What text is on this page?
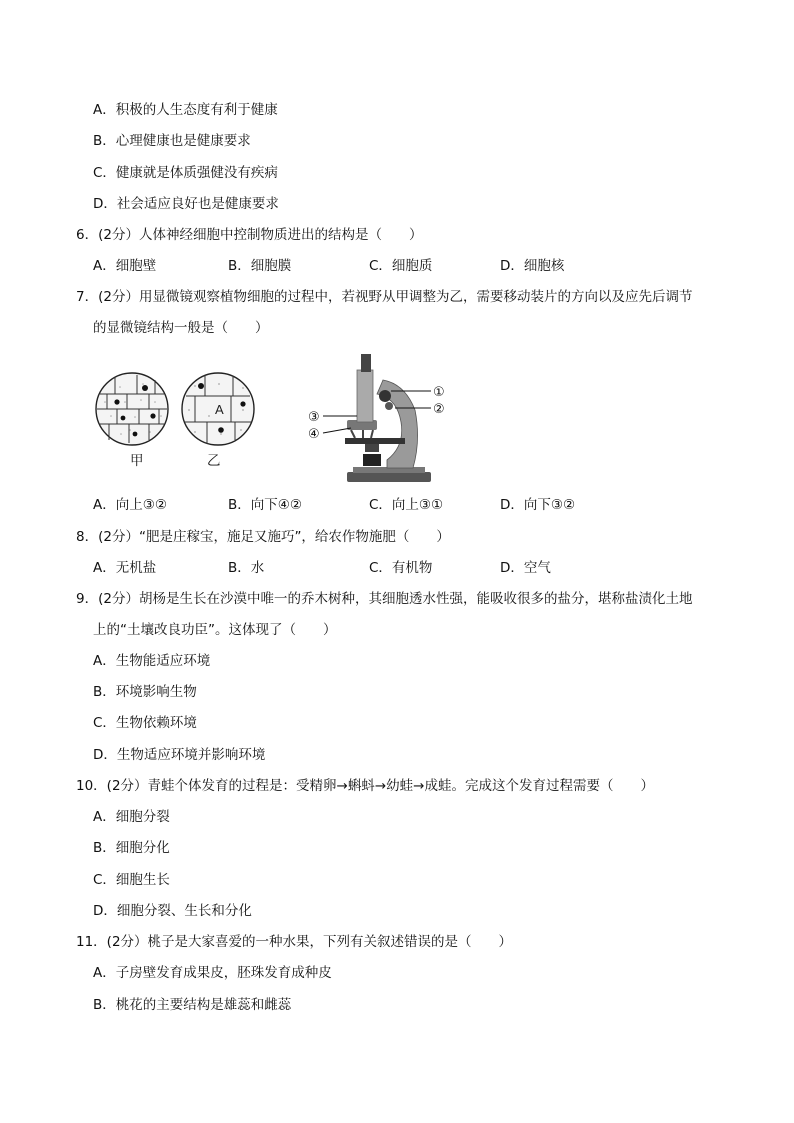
A．积极的人生态度有利于健康
B．心理健康也是健康要求
C．健康就是体质强健没有疾病
D．社会适应良好也是健康要求
6．(2分）人体神经细胞中控制物质进出的结构是（　　）
A．细胞壁	B．细胞膜	C．细胞质	D．细胞核
7．(2分）用显微镜观察植物细胞的过程中，若视野从甲调整为乙，需要移动装片的方向以及应先后调节
的显微镜结构一般是（　　）
甲
A
乙
①
②
③
④
A．向上③②	B．向下④②	C．向上③①	D．向下③②
8．(2分）“肥是庄稼宝，施足又施巧”，给农作物施肥（　　）
A．无机盐	B．水	C．有机物	D．空气
9．(2分）胡杨是生长在沙漠中唯一的乔木树种，其细胞透水性强，能吸收很多的盐分，堪称盐渍化土地
上的“土壤改良功臣”。这体现了（　　）
A．生物能适应环境
B．环境影响生物
C．生物依赖环境
D．生物适应环境并影响环境
10．(2分）青蛙个体发育的过程是：受精卵→蝌蚪→幼蛙→成蛙。完成这个发育过程需要（　　）
A．细胞分裂
B．细胞分化
C．细胞生长
D．细胞分裂、生长和分化
11．(2分）桃子是大家喜爱的一种水果，下列有关叙述错误的是（　　）
A．子房壁发育成果皮，胚珠发育成种皮
B．桃花的主要结构是雄蕊和雌蕊
